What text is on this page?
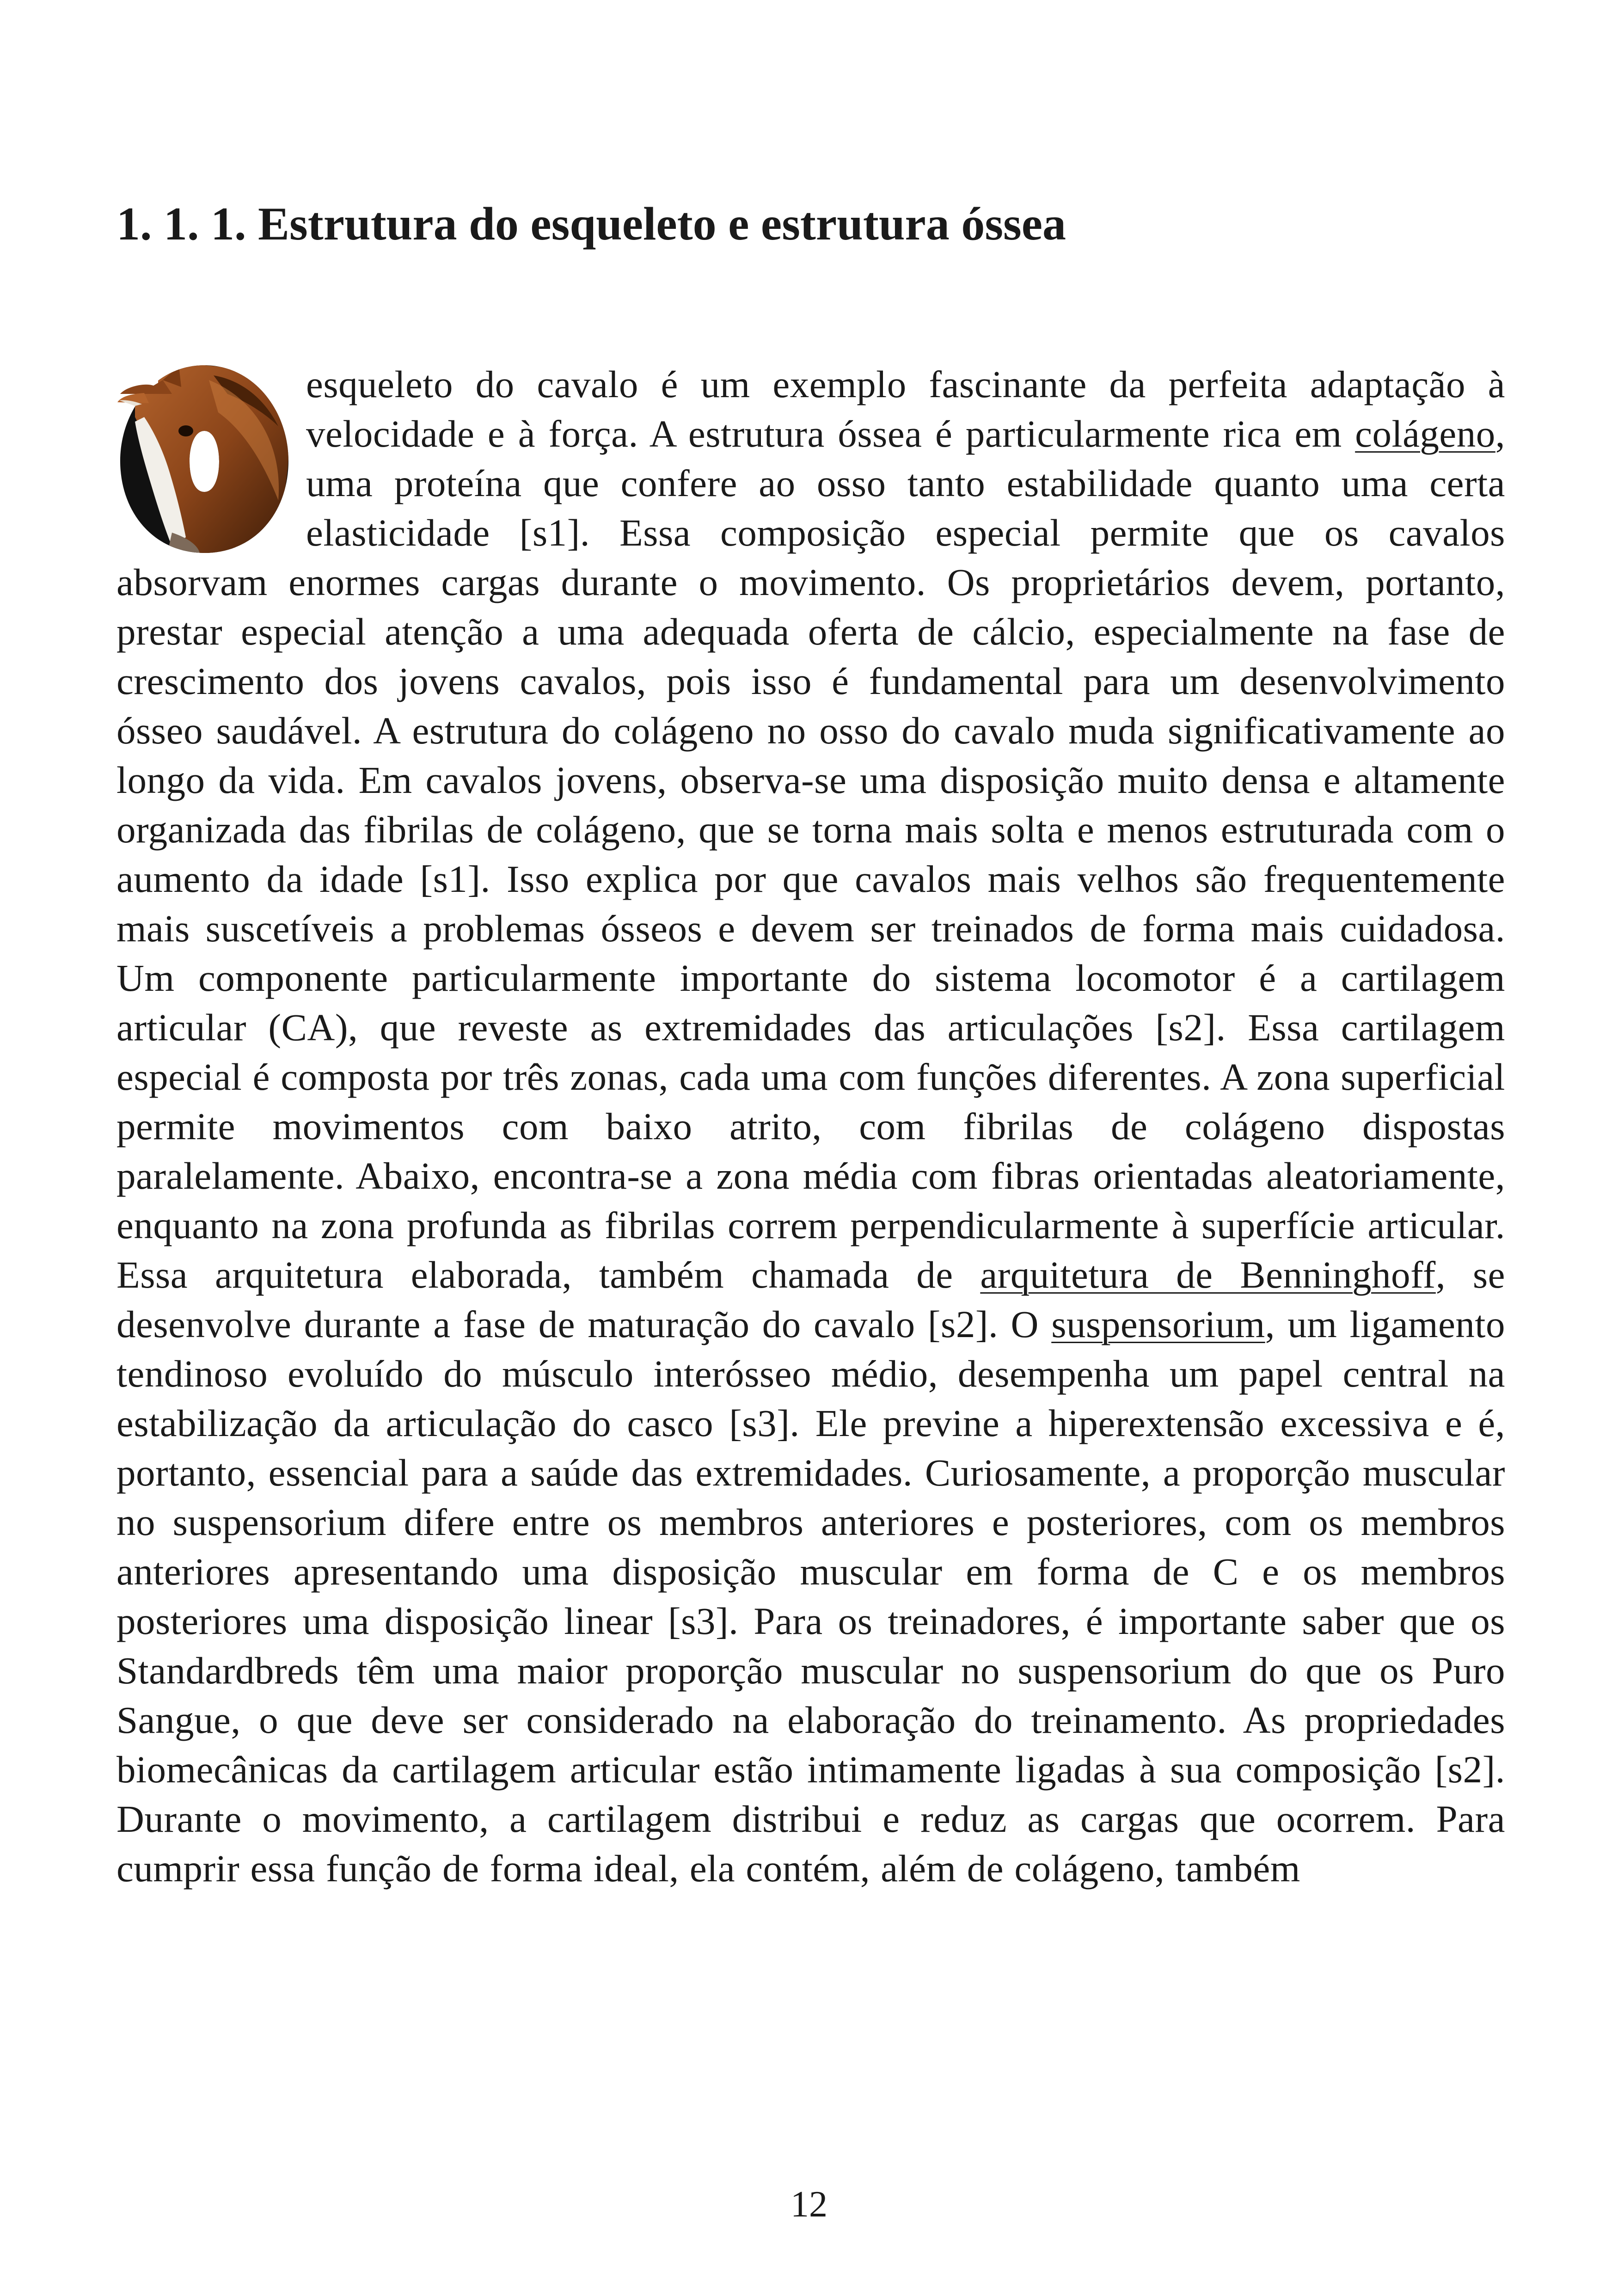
1. 1. 1. Estrutura do esqueleto e estrutura óssea

esqueleto do cavalo é um exemplo fascinante da perfeita adaptação à velocidade e à força. A estrutura óssea é particularmente rica em colágeno, uma proteína que confere ao osso tanto estabilidade quanto uma certa elasticidade [s1]. Essa composição especial permite que os cavalos absorvam enormes cargas durante o movimento. Os proprietários devem, portanto, prestar especial atenção a uma adequada oferta de cálcio, especialmente na fase de crescimento dos jovens cavalos, pois isso é fundamental para um desenvolvimento ósseo saudável. A estrutura do colágeno no osso do cavalo muda significativamente ao longo da vida. Em cavalos jovens, observa-se uma disposição muito densa e altamente organizada das fibrilas de colágeno, que se torna mais solta e menos estruturada com o aumento da idade [s1]. Isso explica por que cavalos mais velhos são frequentemente mais suscetíveis a problemas ósseos e devem ser treinados de forma mais cuidadosa. Um componente particularmente importante do sistema locomotor é a cartilagem articular (CA), que reveste as extremidades das articulações [s2]. Essa cartilagem especial é composta por três zonas, cada uma com funções diferentes. A zona superficial permite movimentos com baixo atrito, com fibrilas de colágeno dispostas paralelamente. Abaixo, encontra-se a zona média com fibras orientadas aleatoriamente, enquanto na zona profunda as fibrilas correm perpendicularmente à superfície articular. Essa arquitetura elaborada, também chamada de arquitetura de Benninghoff, se desenvolve durante a fase de maturação do cavalo [s2]. O suspensorium, um ligamento tendinoso evoluído do músculo interósseo médio, desempenha um papel central na estabilização da articulação do casco [s3]. Ele previne a hiperextensão excessiva e é, portanto, essencial para a saúde das extremidades. Curiosamente, a proporção muscular no suspensorium difere entre os membros anteriores e posteriores, com os membros anteriores apresentando uma disposição muscular em forma de C e os membros posteriores uma disposição linear [s3]. Para os treinadores, é importante saber que os Standardbreds têm uma maior proporção muscular no suspensorium do que os Puro Sangue, o que deve ser considerado na elaboração do treinamento. As propriedades biomecânicas da cartilagem articular estão intimamente ligadas à sua composição [s2]. Durante o movimento, a cartilagem distribui e reduz as cargas que ocorrem. Para cumprir essa função de forma ideal, ela contém, além de colágeno, também

12
